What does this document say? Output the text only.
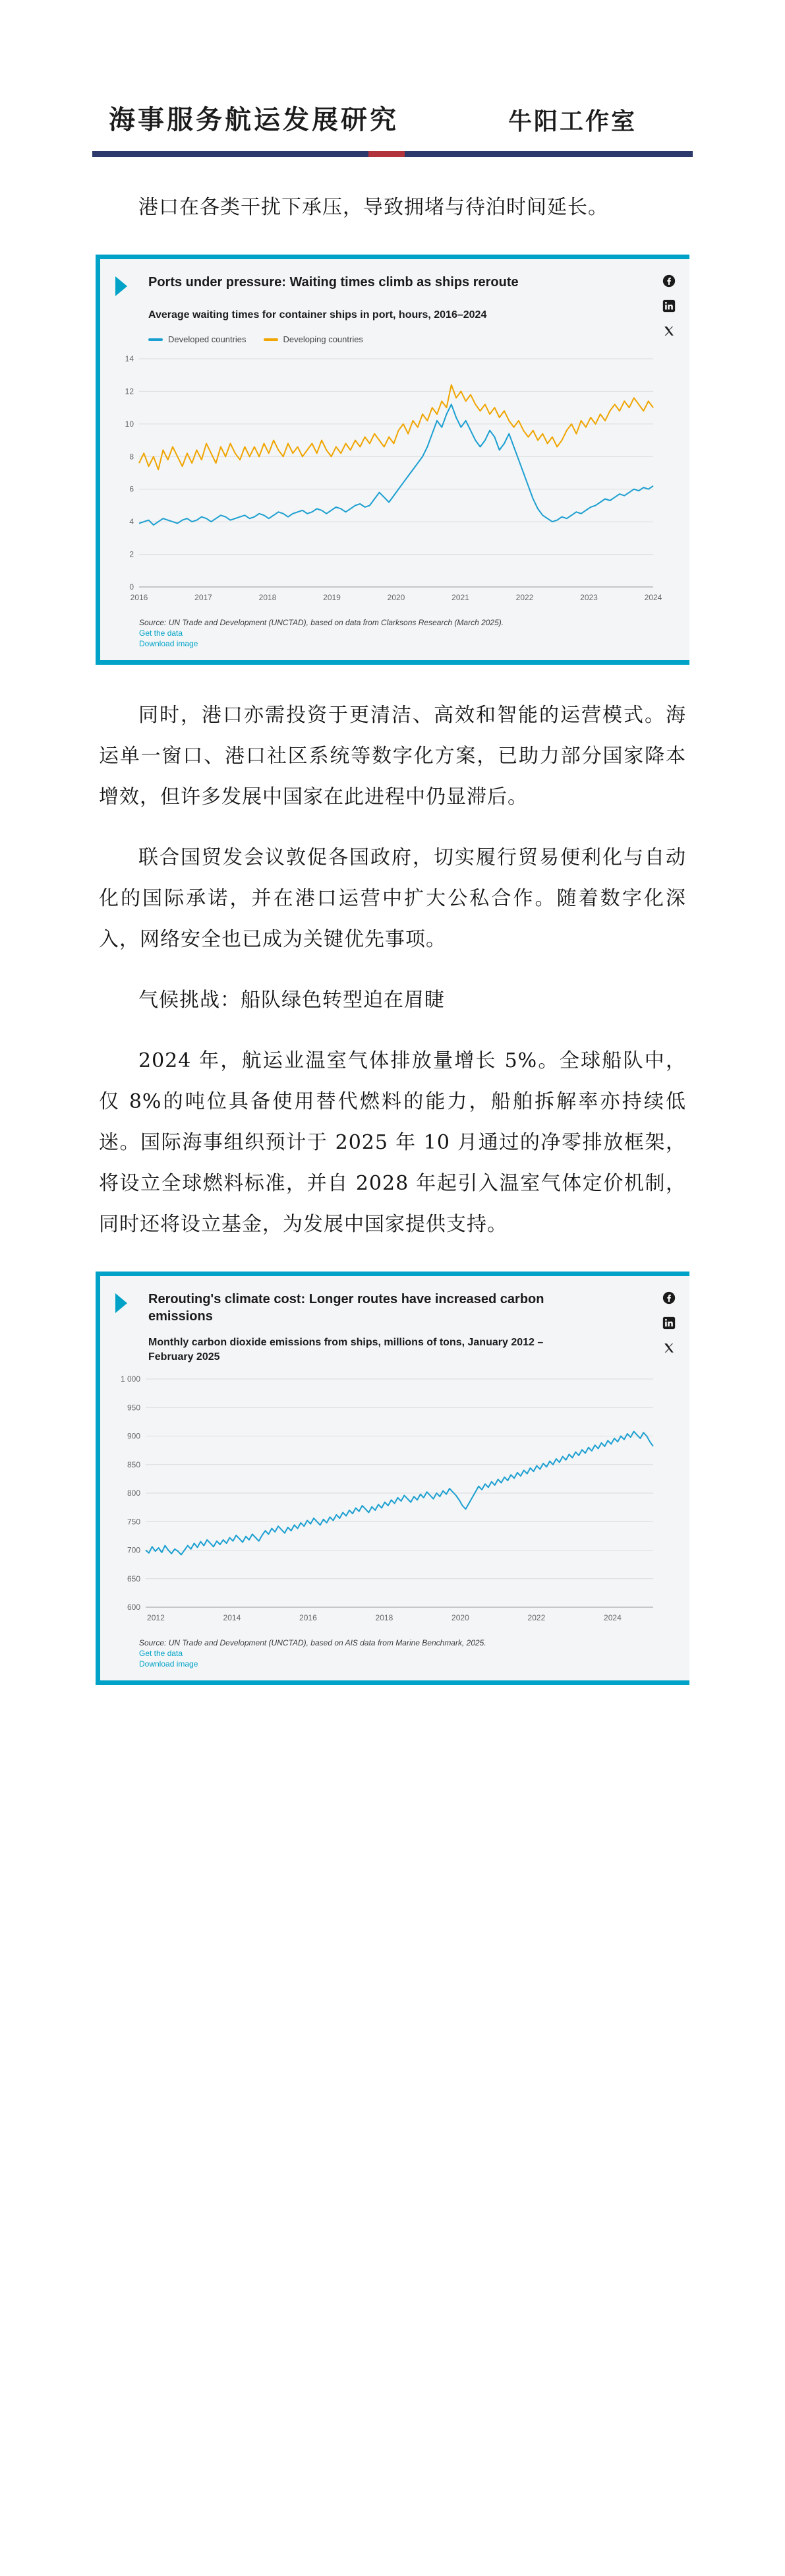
海事服务航运发展研究	牛阳工作室

港口在各类干扰下承压，导致拥堵与待泊时间延长。

Ports under pressure: Waiting times climb as ships reroute
Average waiting times for container ships in port, hours, 2016–2024
Developed countries	Developing countries
0
2
4
6
8
10
12
14
2016	2017	2018	2019	2020	2021	2022	2023	2024
Source: UN Trade and Development (UNCTAD), based on data from Clarksons Research (March 2025).
Get the data
Download image

同时，港口亦需投资于更清洁、高效和智能的运营模式。海运单一窗口、港口社区系统等数字化方案，已助力部分国家降本增效，但许多发展中国家在此进程中仍显滞后。

联合国贸发会议敦促各国政府，切实履行贸易便利化与自动化的国际承诺，并在港口运营中扩大公私合作。随着数字化深入，网络安全也已成为关键优先事项。

气候挑战：船队绿色转型迫在眉睫

2024 年，航运业温室气体排放量增长 5%。全球船队中，仅 8%的吨位具备使用替代燃料的能力，船舶拆解率亦持续低迷。国际海事组织预计于 2025 年 10 月通过的净零排放框架，将设立全球燃料标准，并自 2028 年起引入温室气体定价机制，同时还将设立基金，为发展中国家提供支持。

Rerouting's climate cost: Longer routes have increased carbon emissions
Monthly carbon dioxide emissions from ships, millions of tons, January 2012 – February 2025
600
650
700
750
800
850
900
950
1 000
2012	2014	2016	2018	2020	2022	2024
Source: UN Trade and Development (UNCTAD), based on AIS data from Marine Benchmark, 2025.
Get the data
Download image
